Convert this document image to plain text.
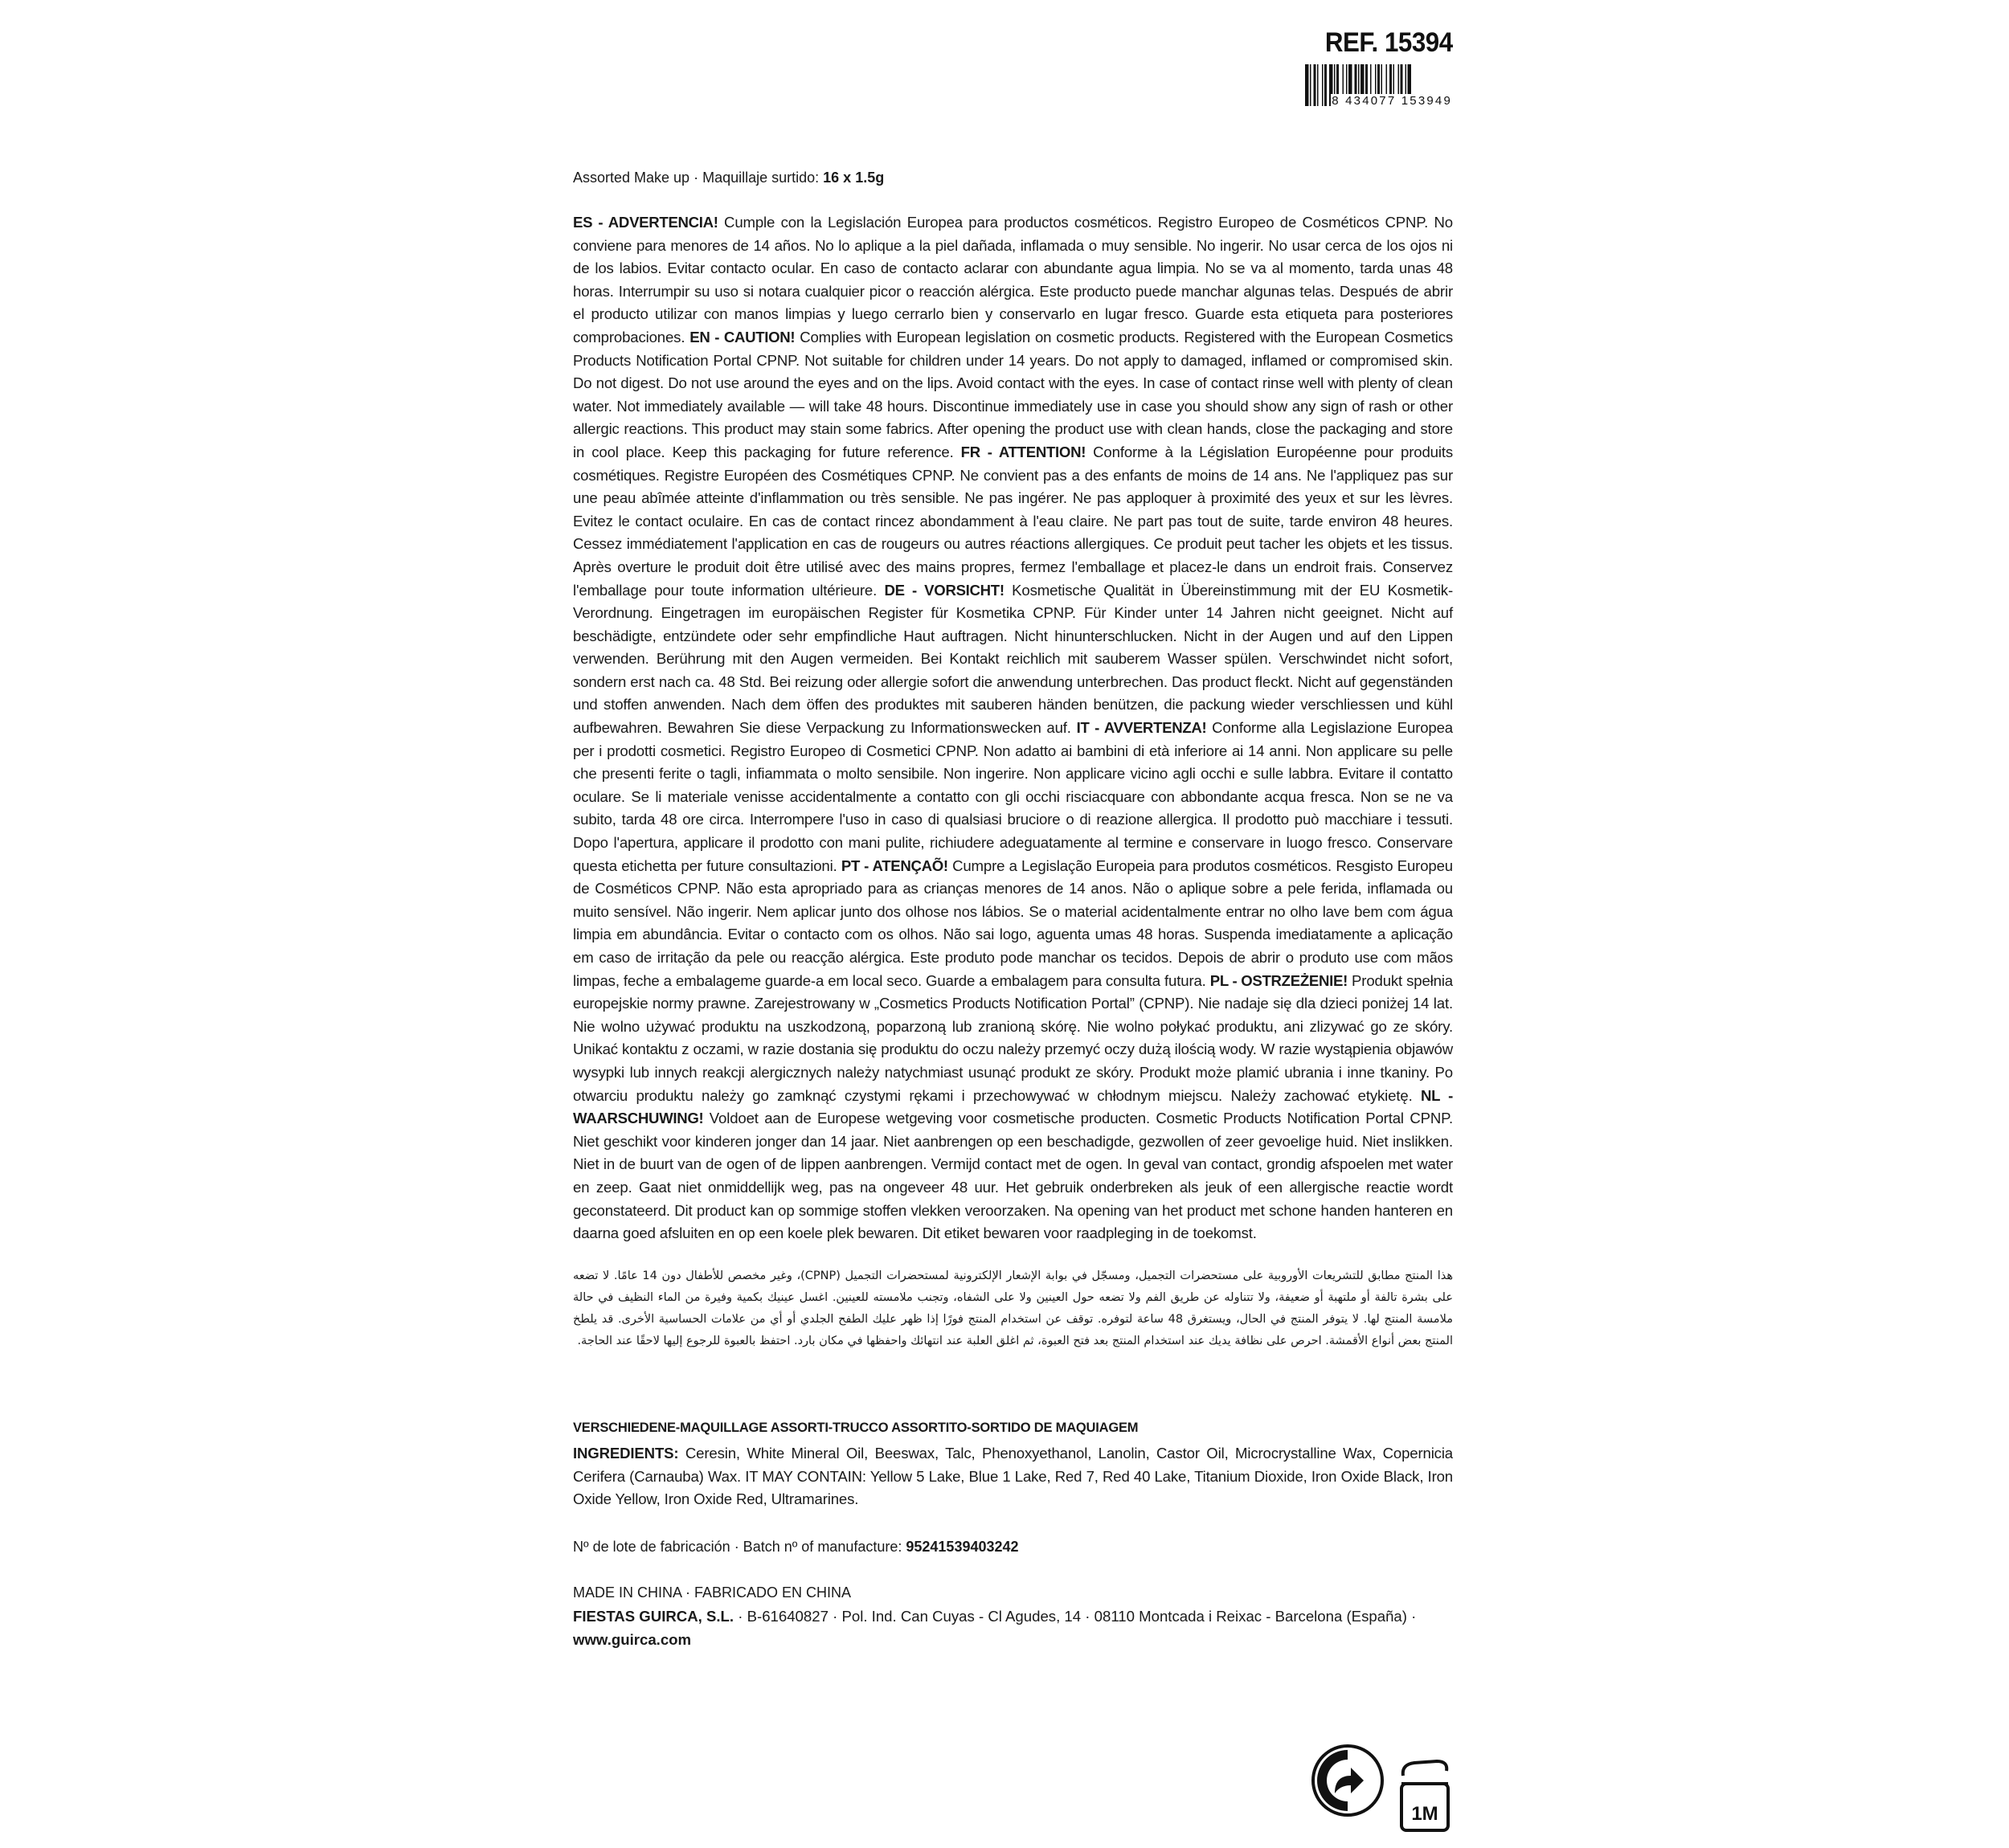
REF. 15394
8 434077 153949
Assorted Make up · Maquillaje surtido: 16 x 1.5g
ES - ADVERTENCIA! Cumple con la Legislación Europea para productos cosméticos. Registro Europeo de Cosméticos CPNP. No conviene para menores de 14 años. No lo aplique a la piel dañada, inflamada o muy sensible. No ingerir. No usar cerca de los ojos ni de los labios. Evitar contacto ocular. En caso de contacto aclarar con abundante agua limpia. No se va al momento, tarda unas 48 horas. Interrumpir su uso si notara cualquier picor o reacción alérgica. Este producto puede manchar algunas telas. Después de abrir el producto utilizar con manos limpias y luego cerrarlo bien y conservarlo en lugar fresco. Guarde esta etiqueta para posteriores comprobaciones. EN - CAUTION! Complies with European legislation on cosmetic products. Registered with the European Cosmetics Products Notification Portal CPNP. Not suitable for children under 14 years. Do not apply to damaged, inflamed or compromised skin. Do not digest. Do not use around the eyes and on the lips. Avoid contact with the eyes. In case of contact rinse well with plenty of clean water. Not immediately available — will take 48 hours. Discontinue immediately use in case you should show any sign of rash or other allergic reactions. This product may stain some fabrics. After opening the product use with clean hands, close the packaging and store in cool place. Keep this packaging for future reference. FR - ATTENTION! Conforme à la Législation Européenne pour produits cosmétiques. Registre Européen des Cosmétiques CPNP. Ne convient pas a des enfants de moins de 14 ans. Ne l'appliquez pas sur une peau abîmée atteinte d'inflammation ou très sensible. Ne pas ingérer. Ne pas apploquer à proximité des yeux et sur les lèvres. Evitez le contact oculaire. En cas de contact rincez abondamment à l'eau claire. Ne part pas tout de suite, tarde environ 48 heures. Cessez immédiatement l'application en cas de rougeurs ou autres réactions allergiques. Ce produit peut tacher les objets et les tissus. Après overture le produit doit être utilisé avec des mains propres, fermez l'emballage et placez-le dans un endroit frais. Conservez l'emballage pour toute information ultérieure. DE - VORSICHT! Kosmetische Qualität in Übereinstimmung mit der EU Kosmetik-Verordnung. Eingetragen im europäischen Register für Kosmetika CPNP. Für Kinder unter 14 Jahren nicht geeignet. Nicht auf beschädigte, entzündete oder sehr empfindliche Haut auftragen. Nicht hinunterschlucken. Nicht in der Augen und auf den Lippen verwenden. Berührung mit den Augen vermeiden. Bei Kontakt reichlich mit sauberem Wasser spülen. Verschwindet nicht sofort, sondern erst nach ca. 48 Std. Bei reizung oder allergie sofort die anwendung unterbrechen. Das product fleckt. Nicht auf gegenständen und stoffen anwenden. Nach dem öffen des produktes mit sauberen händen benützen, die packung wieder verschliessen und kühl aufbewahren. Bewahren Sie diese Verpackung zu Informationswecken auf. IT - AVVERTENZA! Conforme alla Legislazione Europea per i prodotti cosmetici. Registro Europeo di Cosmetici CPNP. Non adatto ai bambini di età inferiore ai 14 anni. Non applicare su pelle che presenti ferite o tagli, infiammata o molto sensibile. Non ingerire. Non applicare vicino agli occhi e sulle labbra. Evitare il contatto oculare. Se li materiale venisse accidentalmente a contatto con gli occhi risciacquare con abbondante acqua fresca. Non se ne va subito, tarda 48 ore circa. Interrompere l'uso in caso di qualsiasi bruciore o di reazione allergica. Il prodotto può macchiare i tessuti. Dopo l'apertura, applicare il prodotto con mani pulite, richiudere adeguatamente al termine e conservare in luogo fresco. Conservare questa etichetta per future consultazioni. PT - ATENÇAÕ! Cumpre a Legislação Europeia para produtos cosméticos. Resgisto Europeu de Cosméticos CPNP. Não esta apropriado para as crianças menores de 14 anos. Não o aplique sobre a pele ferida, inflamada ou muito sensível. Não ingerir. Nem aplicar junto dos olhose nos lábios. Se o material acidentalmente entrar no olho lave bem com água limpia em abundância. Evitar o contacto com os olhos. Não sai logo, aguenta umas 48 horas. Suspenda imediatamente a aplicação em caso de irritação da pele ou reacção alérgica. Este produto pode manchar os tecidos. Depois de abrir o produto use com mãos limpas, feche a embalageme guarde-a em local seco. Guarde a embalagem para consulta futura. PL - OSTRZEŻENIE! Produkt spełnia europejskie normy prawne. Zarejestrowany w „Cosmetics Products Notification Portal” (CPNP). Nie nadaje się dla dzieci poniżej 14 lat. Nie wolno używać produktu na uszkodzoną, poparzoną lub zranioną skórę. Nie wolno połykać produktu, ani zlizywać go ze skóry. Unikać kontaktu z oczami, w razie dostania się produktu do oczu należy przemyć oczy dużą ilością wody. W razie wystąpienia objawów wysypki lub innych reakcji alergicznych należy natychmiast usunąć produkt ze skóry. Produkt może plamić ubrania i inne tkaniny. Po otwarciu produktu należy go zamknąć czystymi rękami i przechowywać w chłodnym miejscu. Należy zachować etykietę. NL - WAARSCHUWING! Voldoet aan de Europese wetgeving voor cosmetische producten. Cosmetic Products Notification Portal CPNP. Niet geschikt voor kinderen jonger dan 14 jaar. Niet aanbrengen op een beschadigde, gezwollen of zeer gevoelige huid. Niet inslikken. Niet in de buurt van de ogen of de lippen aanbrengen. Vermijd contact met de ogen. In geval van contact, grondig afspoelen met water en zeep. Gaat niet onmiddellijk weg, pas na ongeveer 48 uur. Het gebruik onderbreken als jeuk of een allergische reactie wordt geconstateerd. Dit product kan op sommige stoffen vlekken veroorzaken. Na opening van het product met schone handen hanteren en daarna goed afsluiten en op een koele plek bewaren. Dit etiket bewaren voor raadpleging in de toekomst.
هذا المنتج مطابق للتشريعات الأوروبية على مستحضرات التجميل، ومسجّل في بوابة الإشعار الإلكترونية لمستحضرات التجميل (CPNP)، وغير مخصص للأطفال دون 14 عامًا. لا تضعه على بشرة تالفة أو ملتهبة أو ضعيفة، ولا تتناوله عن طريق الفم ولا تضعه حول العينين ولا على الشفاه، وتجنب ملامسته للعينين. اغسل عينيك بكمية وفيرة من الماء النظيف في حالة ملامسة المنتج لها. لا يتوفر المنتج في الحال، ويستغرق 48 ساعة لتوفره. توقف عن استخدام المنتج فورًا إذا ظهر عليك الطفح الجلدي أو أي من علامات الحساسية الأخرى. قد يلطخ المنتج بعض أنواع الأقمشة. احرص على نظافة يديك عند استخدام المنتج بعد فتح العبوة، ثم اغلق العلبة عند انتهائك واحفظها في مكان بارد. احتفظ بالعبوة للرجوع إليها لاحقًا عند الحاجة.
VERSCHIEDENE-MAQUILLAGE ASSORTI-TRUCCO ASSORTITO-SORTIDO DE MAQUIAGEM
INGREDIENTS: Ceresin, White Mineral Oil, Beeswax, Talc, Phenoxyethanol, Lanolin, Castor Oil, Microcrystalline Wax, Copernicia Cerifera (Carnauba) Wax. IT MAY CONTAIN: Yellow 5 Lake, Blue 1 Lake, Red 7, Red 40 Lake, Titanium Dioxide, Iron Oxide Black, Iron Oxide Yellow, Iron Oxide Red, Ultramarines.
Nº de lote de fabricación · Batch nº of manufacture: 95241539403242
MADE IN CHINA · FABRICADO EN CHINA
FIESTAS GUIRCA, S.L. · B-61640827 · Pol. Ind. Can Cuyas - Cl Agudes, 14 · 08110 Montcada i Reixac - Barcelona (España) · www.guirca.com
1M
